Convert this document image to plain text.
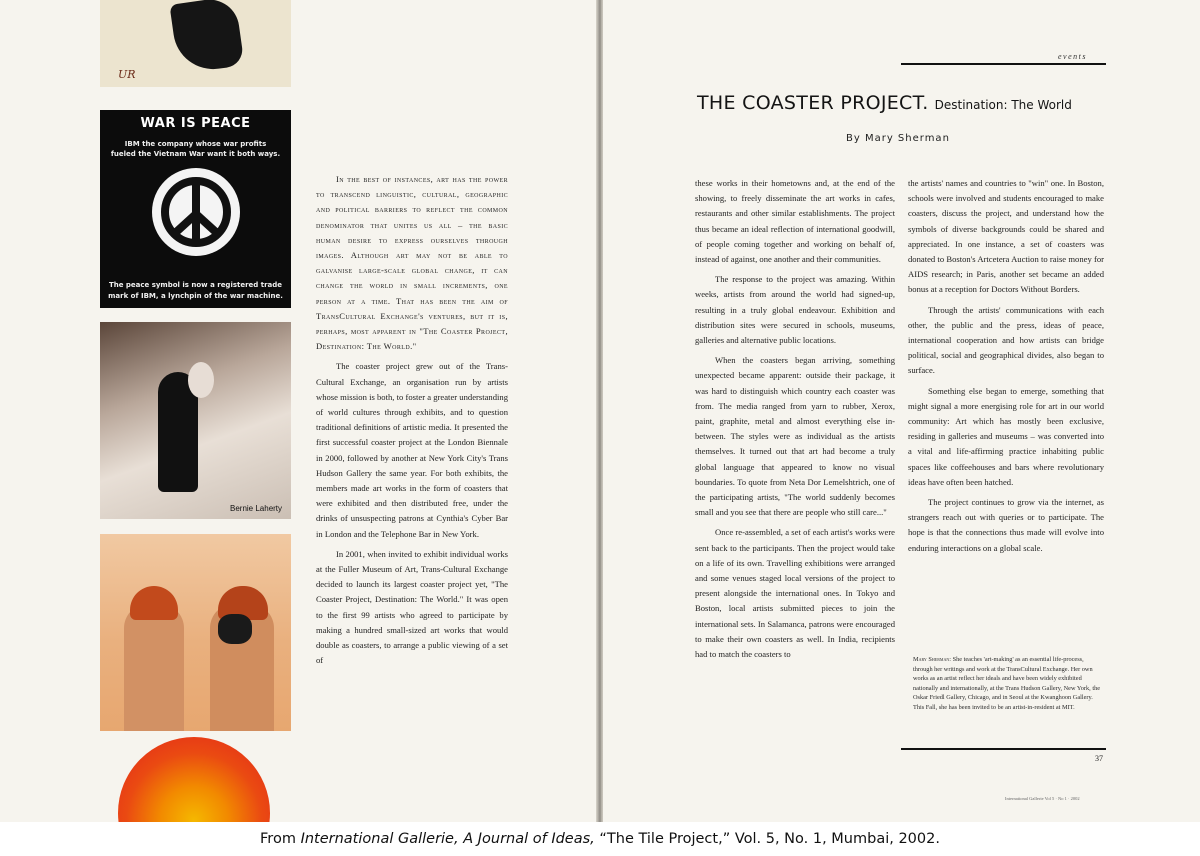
UR
WAR IS PEACE
IBM the company whose war profits
fueled the Vietnam War want it both ways.
The peace symbol is now a registered trade
mark of IBM, a lynchpin of the war machine.
Bernie Laherty

In the best of instances, art has the power to transcend linguistic, cultural, geographic and political barriers to reflect the common denominator that unites us all – the basic human desire to express ourselves through images. Although art may not be able to galvanise large-scale global change, it can change the world in small increments, one person at a time. That has been the aim of TransCultural Exchange's ventures, but it is, perhaps, most apparent in "The Coaster Project, Destination: The World."

The coaster project grew out of the Trans-Cultural Exchange, an organisation run by artists whose mission is both, to foster a greater understanding of world cultures through exhibits, and to question traditional definitions of artistic media. It presented the first successful coaster project at the London Biennale in 2000, followed by another at New York City's Trans Hudson Gallery the same year. For both exhibits, the members made art works in the form of coasters that were exhibited and then distributed free, under the drinks of unsuspecting patrons at Cynthia's Cyber Bar in London and the Telephone Bar in New York.

In 2001, when invited to exhibit individual works at the Fuller Museum of Art, Trans-Cultural Exchange decided to launch its largest coaster project yet, "The Coaster Project, Destination: The World." It was open to the first 99 artists who agreed to participate by making a hundred small-sized art works that would double as coasters, to arrange a public viewing of a set of

events
THE COASTER PROJECT. Destination: The World
By Mary Sherman

these works in their hometowns and, at the end of the showing, to freely disseminate the art works in cafes, restaurants and other similar establishments. The project thus became an ideal reflection of international goodwill, of people coming together and working on behalf of, instead of against, one another and their communities.

The response to the project was amazing. Within weeks, artists from around the world had signed-up, resulting in a truly global endeavour. Exhibition and distribution sites were secured in schools, museums, galleries and alternative public locations.

When the coasters began arriving, something unexpected became apparent: outside their package, it was hard to distinguish which country each coaster was from. The media ranged from yarn to rubber, Xerox, paint, graphite, metal and almost everything else in-between. The styles were as individual as the artists themselves. It turned out that art had become a truly global language that appeared to know no visual boundaries. To quote from Neta Dor Lemelshtrich, one of the participating artists, "The world suddenly becomes small and you see that there are people who still care..."

Once re-assembled, a set of each artist's works were sent back to the participants. Then the project would take on a life of its own. Travelling exhibitions were arranged and some venues staged local versions of the project to present alongside the international ones. In Tokyo and Boston, local artists submitted pieces to join the international sets. In Salamanca, patrons were encouraged to make their own coasters as well. In India, recipients had to match the coasters to

the artists' names and countries to "win" one. In Boston, schools were involved and students encouraged to make coasters, discuss the project, and understand how the symbols of diverse backgrounds could be shared and appreciated. In one instance, a set of coasters was donated to Boston's Artcetera Auction to raise money for AIDS research; in Paris, another set became an added bonus at a reception for Doctors Without Borders.

Through the artists' communications with each other, the public and the press, ideas of peace, international cooperation and how artists can bridge political, social and geographical divides, also began to surface.

Something else began to emerge, something that might signal a more energising role for art in our world community: Art which has mostly been exclusive, residing in galleries and museums – was converted into a vital and life-affirming practice inhabiting public spaces like coffeehouses and bars where revolutionary ideas have often been hatched.

The project continues to grow via the internet, as strangers reach out with queries or to participate. The hope is that the connections thus made will evolve into enduring interactions on a global scale.

Mary Sherman: She teaches 'art-making' as an essential life-process, through her writings and work at the TransCultural Exchange. Her own works as an artist reflect her ideals and have been widely exhibited nationally and internationally, at the Trans Hudson Gallery, New York, the Oskar Friedl Gallery, Chicago, and in Seoul at the Kwanghoon Gallery. This Fall, she has been invited to be an artist-in-resident at MIT.
37
International Gallerie Vol 5 · No 1 · 2002
From International Gallerie, A Journal of Ideas, “The Tile Project,” Vol. 5, No. 1, Mumbai, 2002.
